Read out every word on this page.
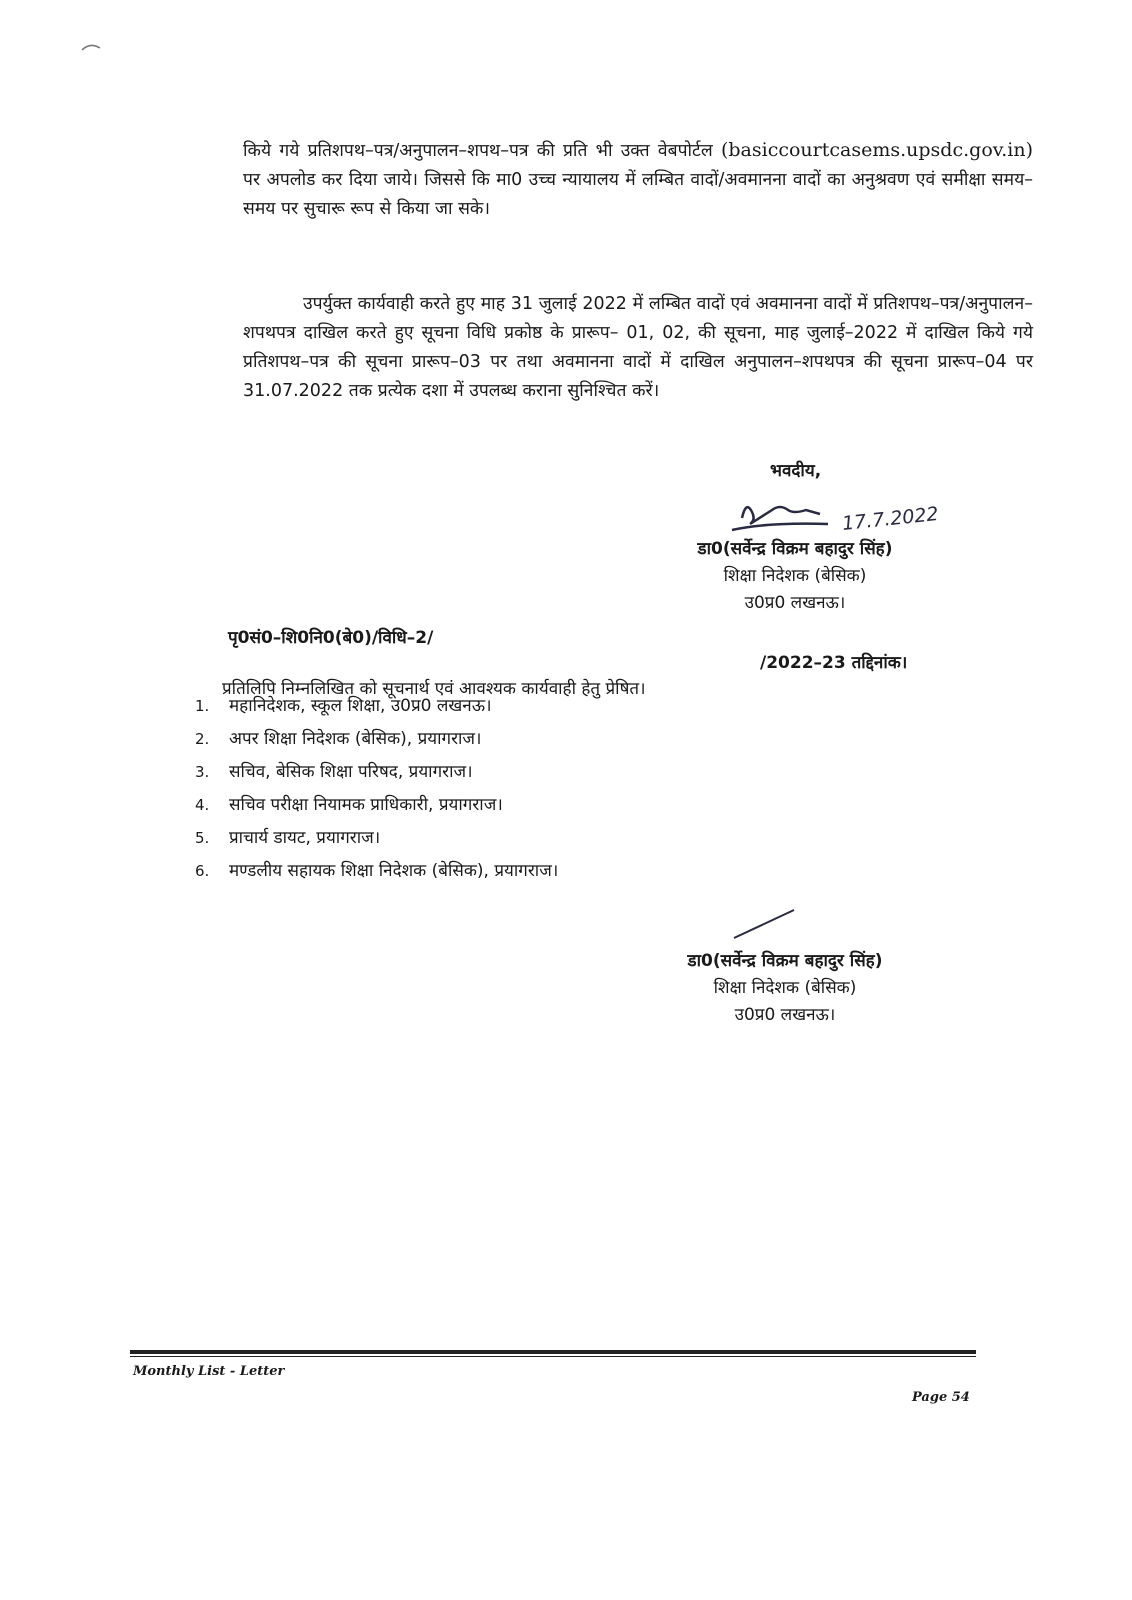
किये गये प्रतिशपथ–पत्र/अनुपालन–शपथ–पत्र की प्रति भी उक्त वेबपोर्टल (basiccourtcasems.upsdc.gov.in) पर अपलोड कर दिया जाये। जिससे कि मा0 उच्च न्यायालय में लम्बित वादों/अवमानना वादों का अनुश्रवण एवं समीक्षा समय–समय पर सुचारू रूप से किया जा सके।

उपर्युक्त कार्यवाही करते हुए माह 31 जुलाई 2022 में लम्बित वादों एवं अवमानना वादों में प्रतिशपथ–पत्र/अनुपालन–शपथपत्र दाखिल करते हुए सूचना विधि प्रकोष्ठ के प्रारूप– 01, 02, की सूचना, माह जुलाई–2022 में दाखिल किये गये प्रतिशपथ–पत्र की सूचना प्रारूप–03 पर तथा अवमानना वादों में दाखिल अनुपालन–शपथपत्र की सूचना प्रारूप–04 पर 31.07.2022 तक प्रत्येक दशा में उपलब्ध कराना सुनिश्चित करें।

भवदीय,
17.7.2022
डा0(सर्वेन्द्र विक्रम बहादुर सिंह)
शिक्षा निदेशक (बेसिक)
उ0प्र0 लखनऊ।
पृ0सं0–शि0नि0(बे0)/विधि–2/
/2022–23 तद्दिनांक।
प्रतिलिपि निम्नलिखित को सूचनार्थ एवं आवश्यक कार्यवाही हेतु प्रेषित।
1.	महानिदेशक, स्कूल शिक्षा, उ0प्र0 लखनऊ।
2.	अपर शिक्षा निदेशक (बेसिक), प्रयागराज।
3.	सचिव, बेसिक शिक्षा परिषद, प्रयागराज।
4.	सचिव परीक्षा नियामक प्राधिकारी, प्रयागराज।
5.	प्राचार्य डायट, प्रयागराज।
6.	मण्डलीय सहायक शिक्षा निदेशक (बेसिक), प्रयागराज।
डा0(सर्वेन्द्र विक्रम बहादुर सिंह)
शिक्षा निदेशक (बेसिक)
उ0प्र0 लखनऊ।
Monthly List - Letter
Page 54
